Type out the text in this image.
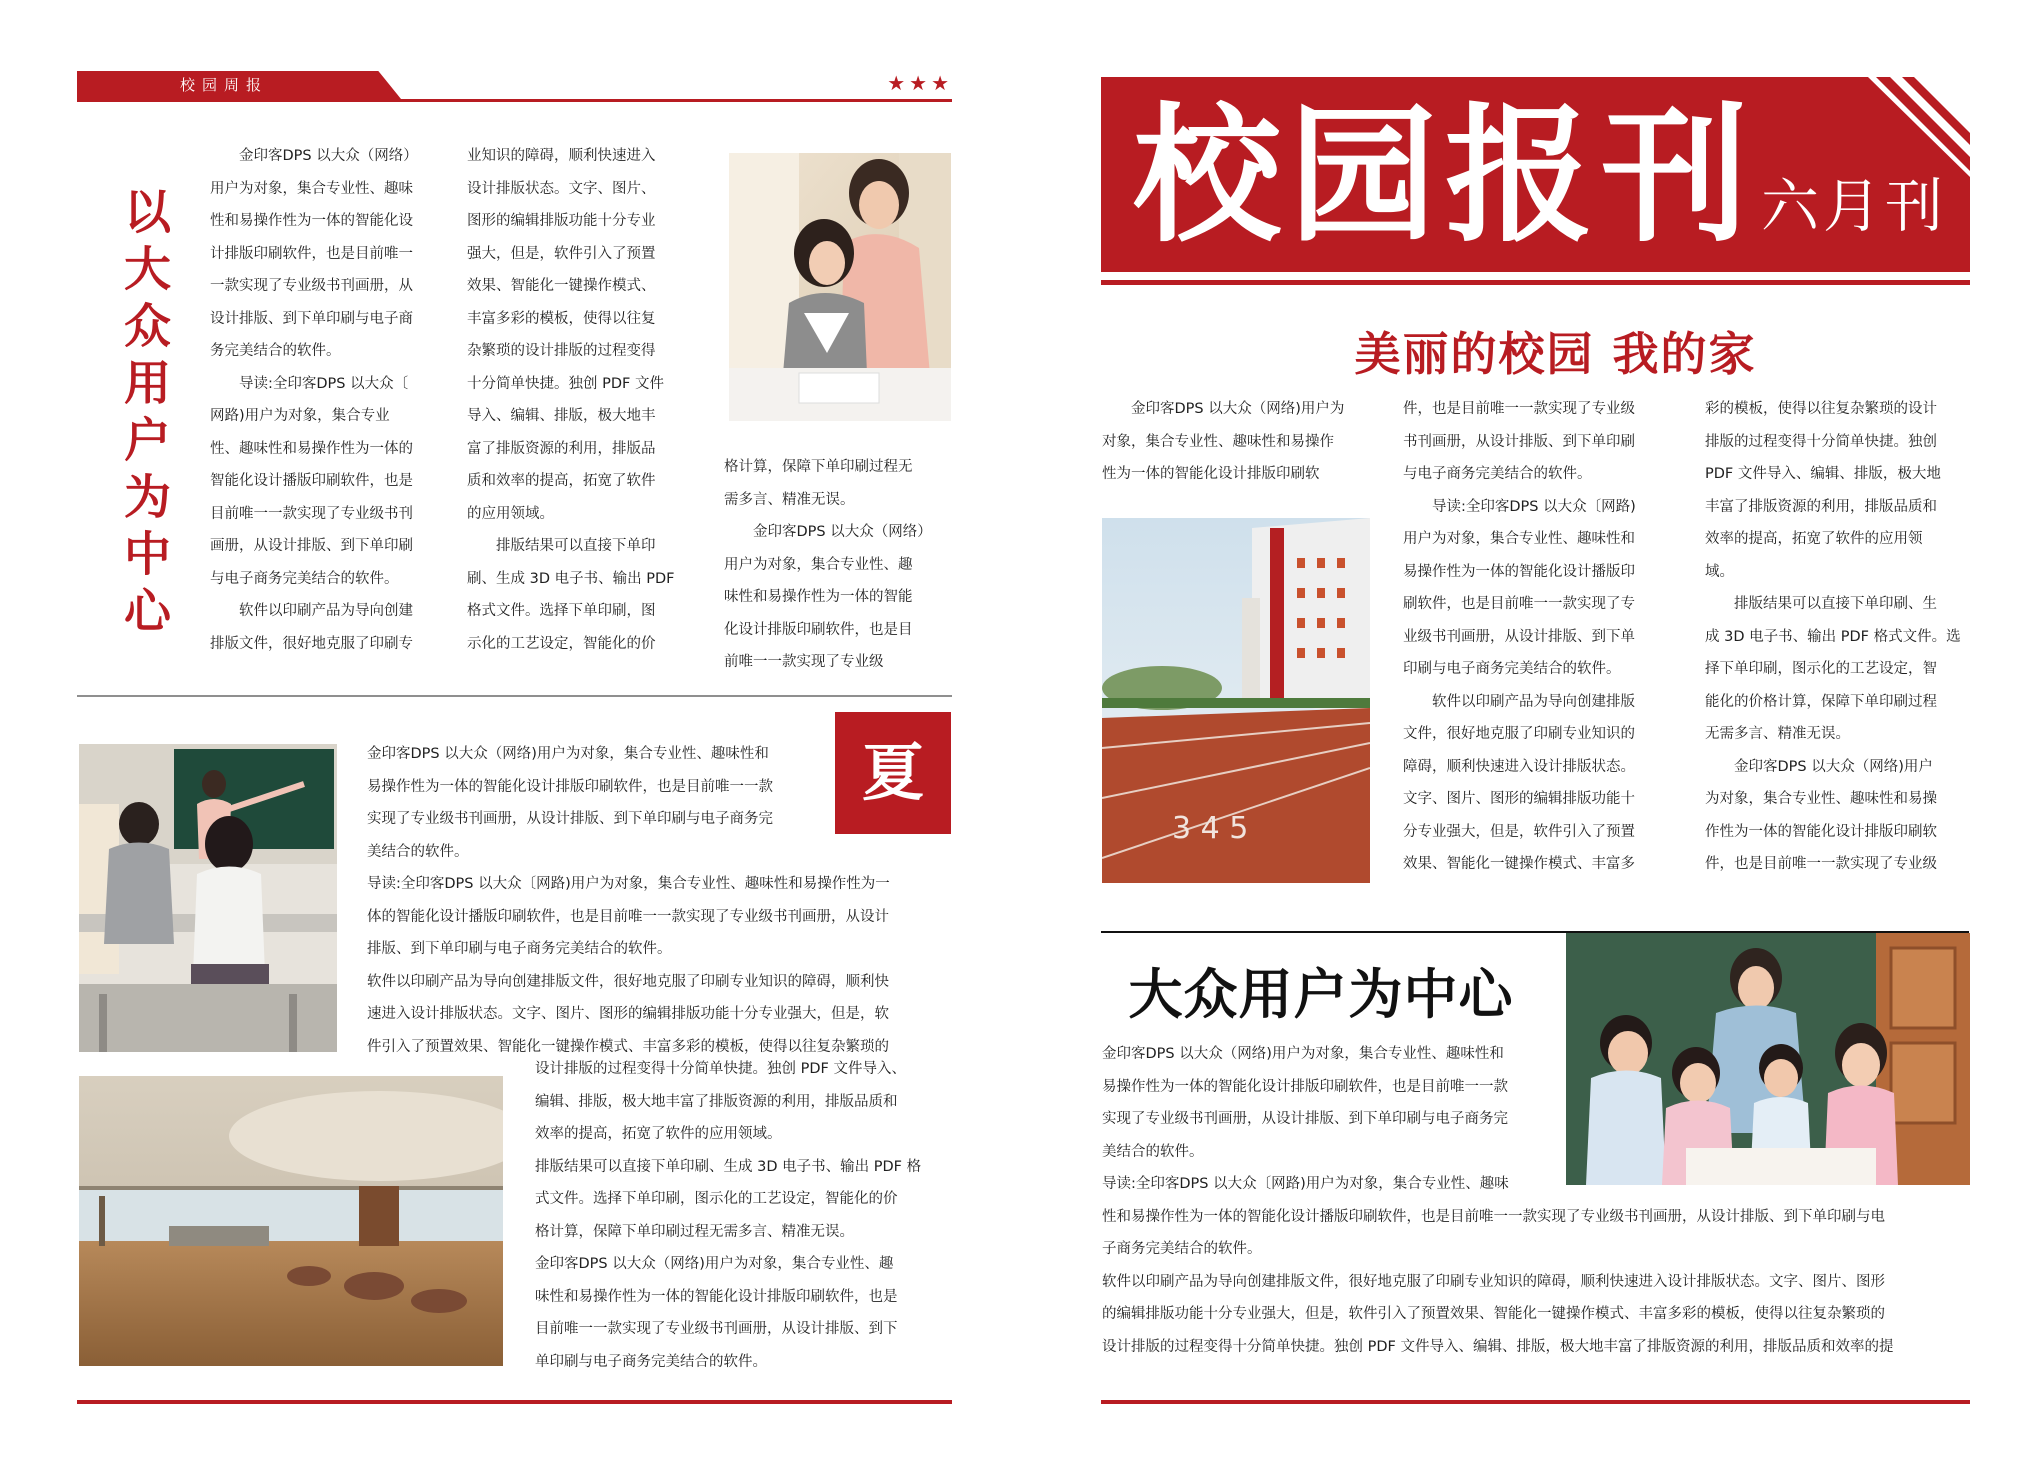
校园周报	★★★
以大众用户为中心

金印客DPS 以大众（网络）

用户为对象，集合专业性、趣味

性和易操作性为一体的智能化设

计排版印刷软件，也是目前唯一

一款实现了专业级书刊画册，从

设计排版、到下单印刷与电子商

务完美结合的软件。

导读:全印客DPS 以大众〔

网路)用户为对象，集合专业

性、趣味性和易操作性为一体的

智能化设计播版印刷软件，也是

目前唯一一款实现了专业级书刊

画册，从设计排版、到下单印刷

与电子商务完美结合的软件。

软件以印刷产品为导向创建

排版文件，很好地克服了印刷专

业知识的障碍，顺利快速进入

设计排版状态。文字、图片、

图形的编辑排版功能十分专业

强大，但是，软件引入了预置

效果、智能化一键操作模式、

丰富多彩的模板，使得以往复

杂繁琐的设计排版的过程变得

十分简单快捷。独创 PDF 文件

导入、编辑、排版，极大地丰

富了排版资源的利用，排版品

质和效率的提高，拓宽了软件

的应用领域。

排版结果可以直接下单印

刷、生成 3D 电子书、输出 PDF

格式文件。选择下单印刷，图

示化的工艺设定，智能化的价

格计算，保障下单印刷过程无

需多言、精准无误。

金印客DPS 以大众（网络）

用户为对象，集合专业性、趣

味性和易操作性为一体的智能

化设计排版印刷软件，也是目

前唯一一款实现了专业级

夏

金印客DPS 以大众（网络)用户为对象，集合专业性、趣味性和

易操作性为一体的智能化设计排版印刷软件，也是目前唯一一款

实现了专业级书刊画册，从设计排版、到下单印刷与电子商务完

美结合的软件。

导读:全印客DPS 以大众〔网路)用户为对象，集合专业性、趣味性和易操作性为一

体的智能化设计播版印刷软件，也是目前唯一一款实现了专业级书刊画册，从设计

排版、到下单印刷与电子商务完美结合的软件。

软件以印刷产品为导向创建排版文件，很好地克服了印刷专业知识的障碍，顺利快

速进入设计排版状态。文字、图片、图形的编辑排版功能十分专业强大，但是，软

件引入了预置效果、智能化一键操作模式、丰富多彩的模板，使得以往复杂繁琐的

设计排版的过程变得十分简单快捷。独创 PDF 文件导入、

编辑、排版，极大地丰富了排版资源的利用，排版品质和

效率的提高，拓宽了软件的应用领域。

排版结果可以直接下单印刷、生成 3D 电子书、输出 PDF 格

式文件。选择下单印刷，图示化的工艺设定，智能化的价

格计算，保障下单印刷过程无需多言、精准无误。

金印客DPS 以大众（网络)用户为对象，集合专业性、趣

味性和易操作性为一体的智能化设计排版印刷软件，也是

目前唯一一款实现了专业级书刊画册，从设计排版、到下

单印刷与电子商务完美结合的软件。

校园报刊 六月刊
美丽的校园 我的家

金印客DPS 以大众（网络)用户为

对象，集合专业性、趣味性和易操作

性为一体的智能化设计排版印刷软

3 4 5

件，也是目前唯一一款实现了专业级

书刊画册，从设计排版、到下单印刷

与电子商务完美结合的软件。

导读:全印客DPS 以大众〔网路)

用户为对象，集合专业性、趣味性和

易操作性为一体的智能化设计播版印

刷软件，也是目前唯一一款实现了专

业级书刊画册，从设计排版、到下单

印刷与电子商务完美结合的软件。

软件以印刷产品为导向创建排版

文件，很好地克服了印刷专业知识的

障碍，顺利快速进入设计排版状态。

文字、图片、图形的编辑排版功能十

分专业强大，但是，软件引入了预置

效果、智能化一键操作模式、丰富多

彩的模板，使得以往复杂繁琐的设计

排版的过程变得十分简单快捷。独创

PDF 文件导入、编辑、排版，极大地

丰富了排版资源的利用，排版品质和

效率的提高，拓宽了软件的应用领

域。

排版结果可以直接下单印刷、生

成 3D 电子书、输出 PDF 格式文件。选

择下单印刷，图示化的工艺设定，智

能化的价格计算，保障下单印刷过程

无需多言、精准无误。

金印客DPS 以大众（网络)用户

为对象，集合专业性、趣味性和易操

作性为一体的智能化设计排版印刷软

件，也是目前唯一一款实现了专业级

大众用户为中心

金印客DPS 以大众（网络)用户为对象，集合专业性、趣味性和

易操作性为一体的智能化设计排版印刷软件，也是目前唯一一款

实现了专业级书刊画册，从设计排版、到下单印刷与电子商务完

美结合的软件。

导读:全印客DPS 以大众〔网路)用户为对象，集合专业性、趣味

性和易操作性为一体的智能化设计播版印刷软件，也是目前唯一一款实现了专业级书刊画册，从设计排版、到下单印刷与电

子商务完美结合的软件。

软件以印刷产品为导向创建排版文件，很好地克服了印刷专业知识的障碍，顺利快速进入设计排版状态。文字、图片、图形

的编辑排版功能十分专业强大，但是，软件引入了预置效果、智能化一键操作模式、丰富多彩的模板，使得以往复杂繁琐的

设计排版的过程变得十分简单快捷。独创 PDF 文件导入、编辑、排版，极大地丰富了排版资源的利用，排版品质和效率的提
